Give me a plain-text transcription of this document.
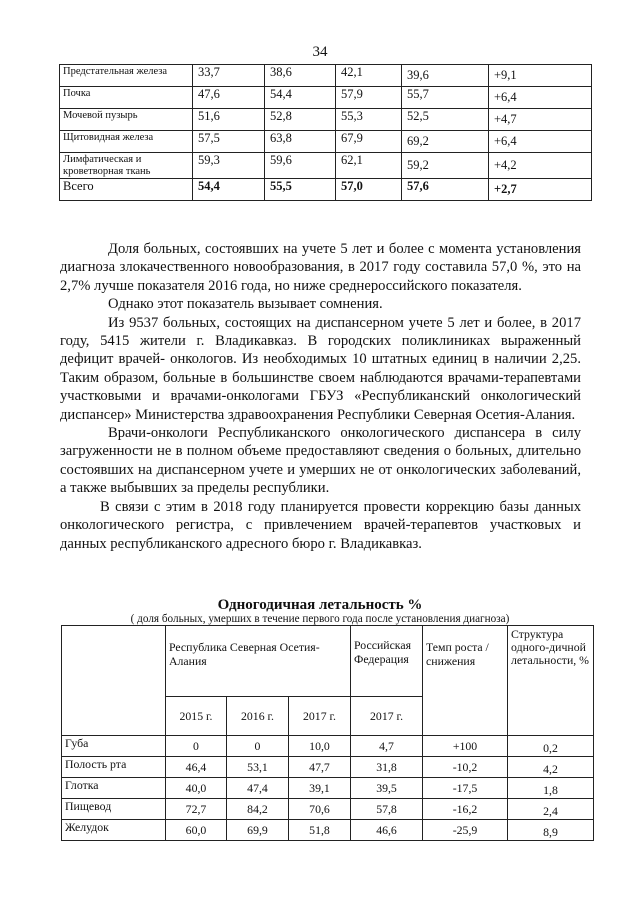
34
Предстательная железа	33,7	38,6	42,1	39,6	+9,1
Почка	47,6	54,4	57,9	55,7	+6,4
Мочевой пузырь	51,6	52,8	55,3	52,5	+4,7
Щитовидная железа	57,5	63,8	67,9	69,2	+6,4
Лимфатическая и кроветворная ткань	59,3	59,6	62,1	59,2	+4,2
Всего	54,4	55,5	57,0	57,6	+2,7

Доля больных, состоявших на учете 5 лет и более с момента установления диагноза злокачественного новообразования, в 2017 году составила 57,0 %, это на 2,7% лучше показателя 2016 года, но ниже среднероссийского показателя.

Однако этот показатель вызывает сомнения.

Из 9537 больных, состоящих на диспансерном учете 5 лет и более, в 2017 году, 5415 жители г. Владикавказ. В городских поликлиниках выраженный дефицит врачей- онкологов. Из необходимых 10 штатных единиц в наличии 2,25. Таким образом, больные в большинстве своем наблюдаются врачами-терапевтами участковыми и врачами-онкологами ГБУЗ «Республиканский онкологический диспансер» Министерства здравоохранения Республики Северная Осетия-Алания.

Врачи-онкологи Республиканского онкологического диспансера в силу загруженности не в полном объеме предоставляют сведения о больных, длительно состоявших на диспансерном учете и умерших не от онкологических заболеваний, а также выбывших за пределы республики.

В связи с этим в 2018 году планируется провести коррекцию базы данных онкологического регистра, с привлечением врачей-терапевтов участковых и данных республиканского адресного бюро г. Владикавказ.

Одногодичная летальность %
( доля больных, умерших в течение первого года после установления диагноза)
	Республика Северная Осетия-Алания			Российская Федерация	Темп роста /снижения	Структура одного-дичной летальности, %
	2015 г.	2016 г.	2017 г.	2017 г.		
Губа	0	0	10,0	4,7	+100	0,2
Полость рта	46,4	53,1	47,7	31,8	-10,2	4,2
Глотка	40,0	47,4	39,1	39,5	-17,5	1,8
Пищевод	72,7	84,2	70,6	57,8	-16,2	2,4
Желудок	60,0	69,9	51,8	46,6	-25,9	8,9
